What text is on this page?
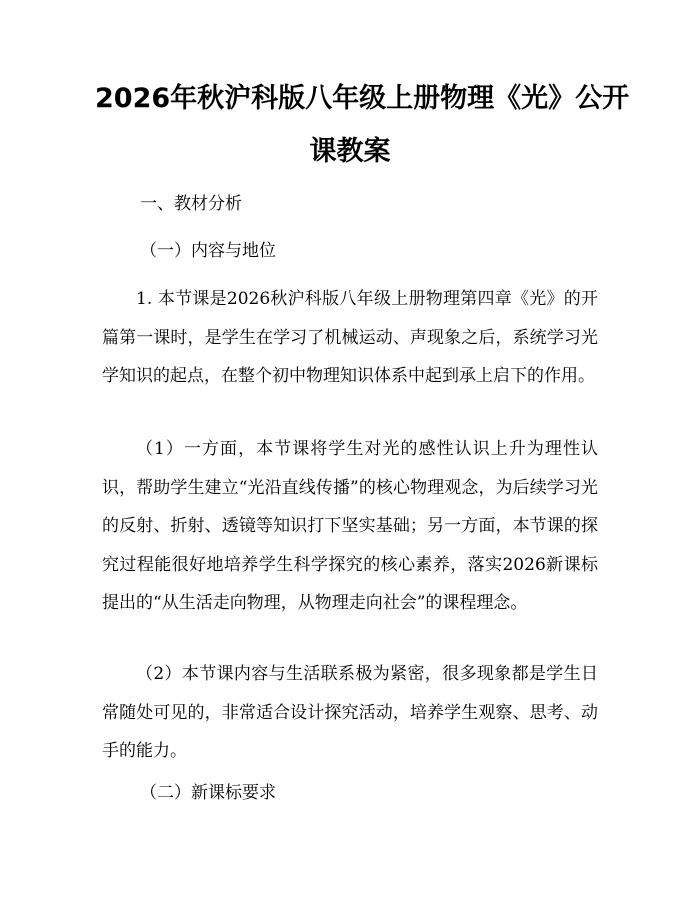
2026年秋沪科版八年级上册物理《光》公开
课教案
一、教材分析
（一）内容与地位

1. 本节课是2026秋沪科版八年级上册物理第四章《光》的开篇第一课时，是学生在学习了机械运动、声现象之后，系统学习光学知识的起点，在整个初中物理知识体系中起到承上启下的作用。

（1）一方面，本节课将学生对光的感性认识上升为理性认识，帮助学生建立“光沿直线传播”的核心物理观念，为后续学习光的反射、折射、透镜等知识打下坚实基础；另一方面，本节课的探究过程能很好地培养学生科学探究的核心素养，落实2026新课标提出的“从生活走向物理，从物理走向社会”的课程理念。

（2）本节课内容与生活联系极为紧密，很多现象都是学生日常随处可见的，非常适合设计探究活动，培养学生观察、思考、动手的能力。

（二）新课标要求
